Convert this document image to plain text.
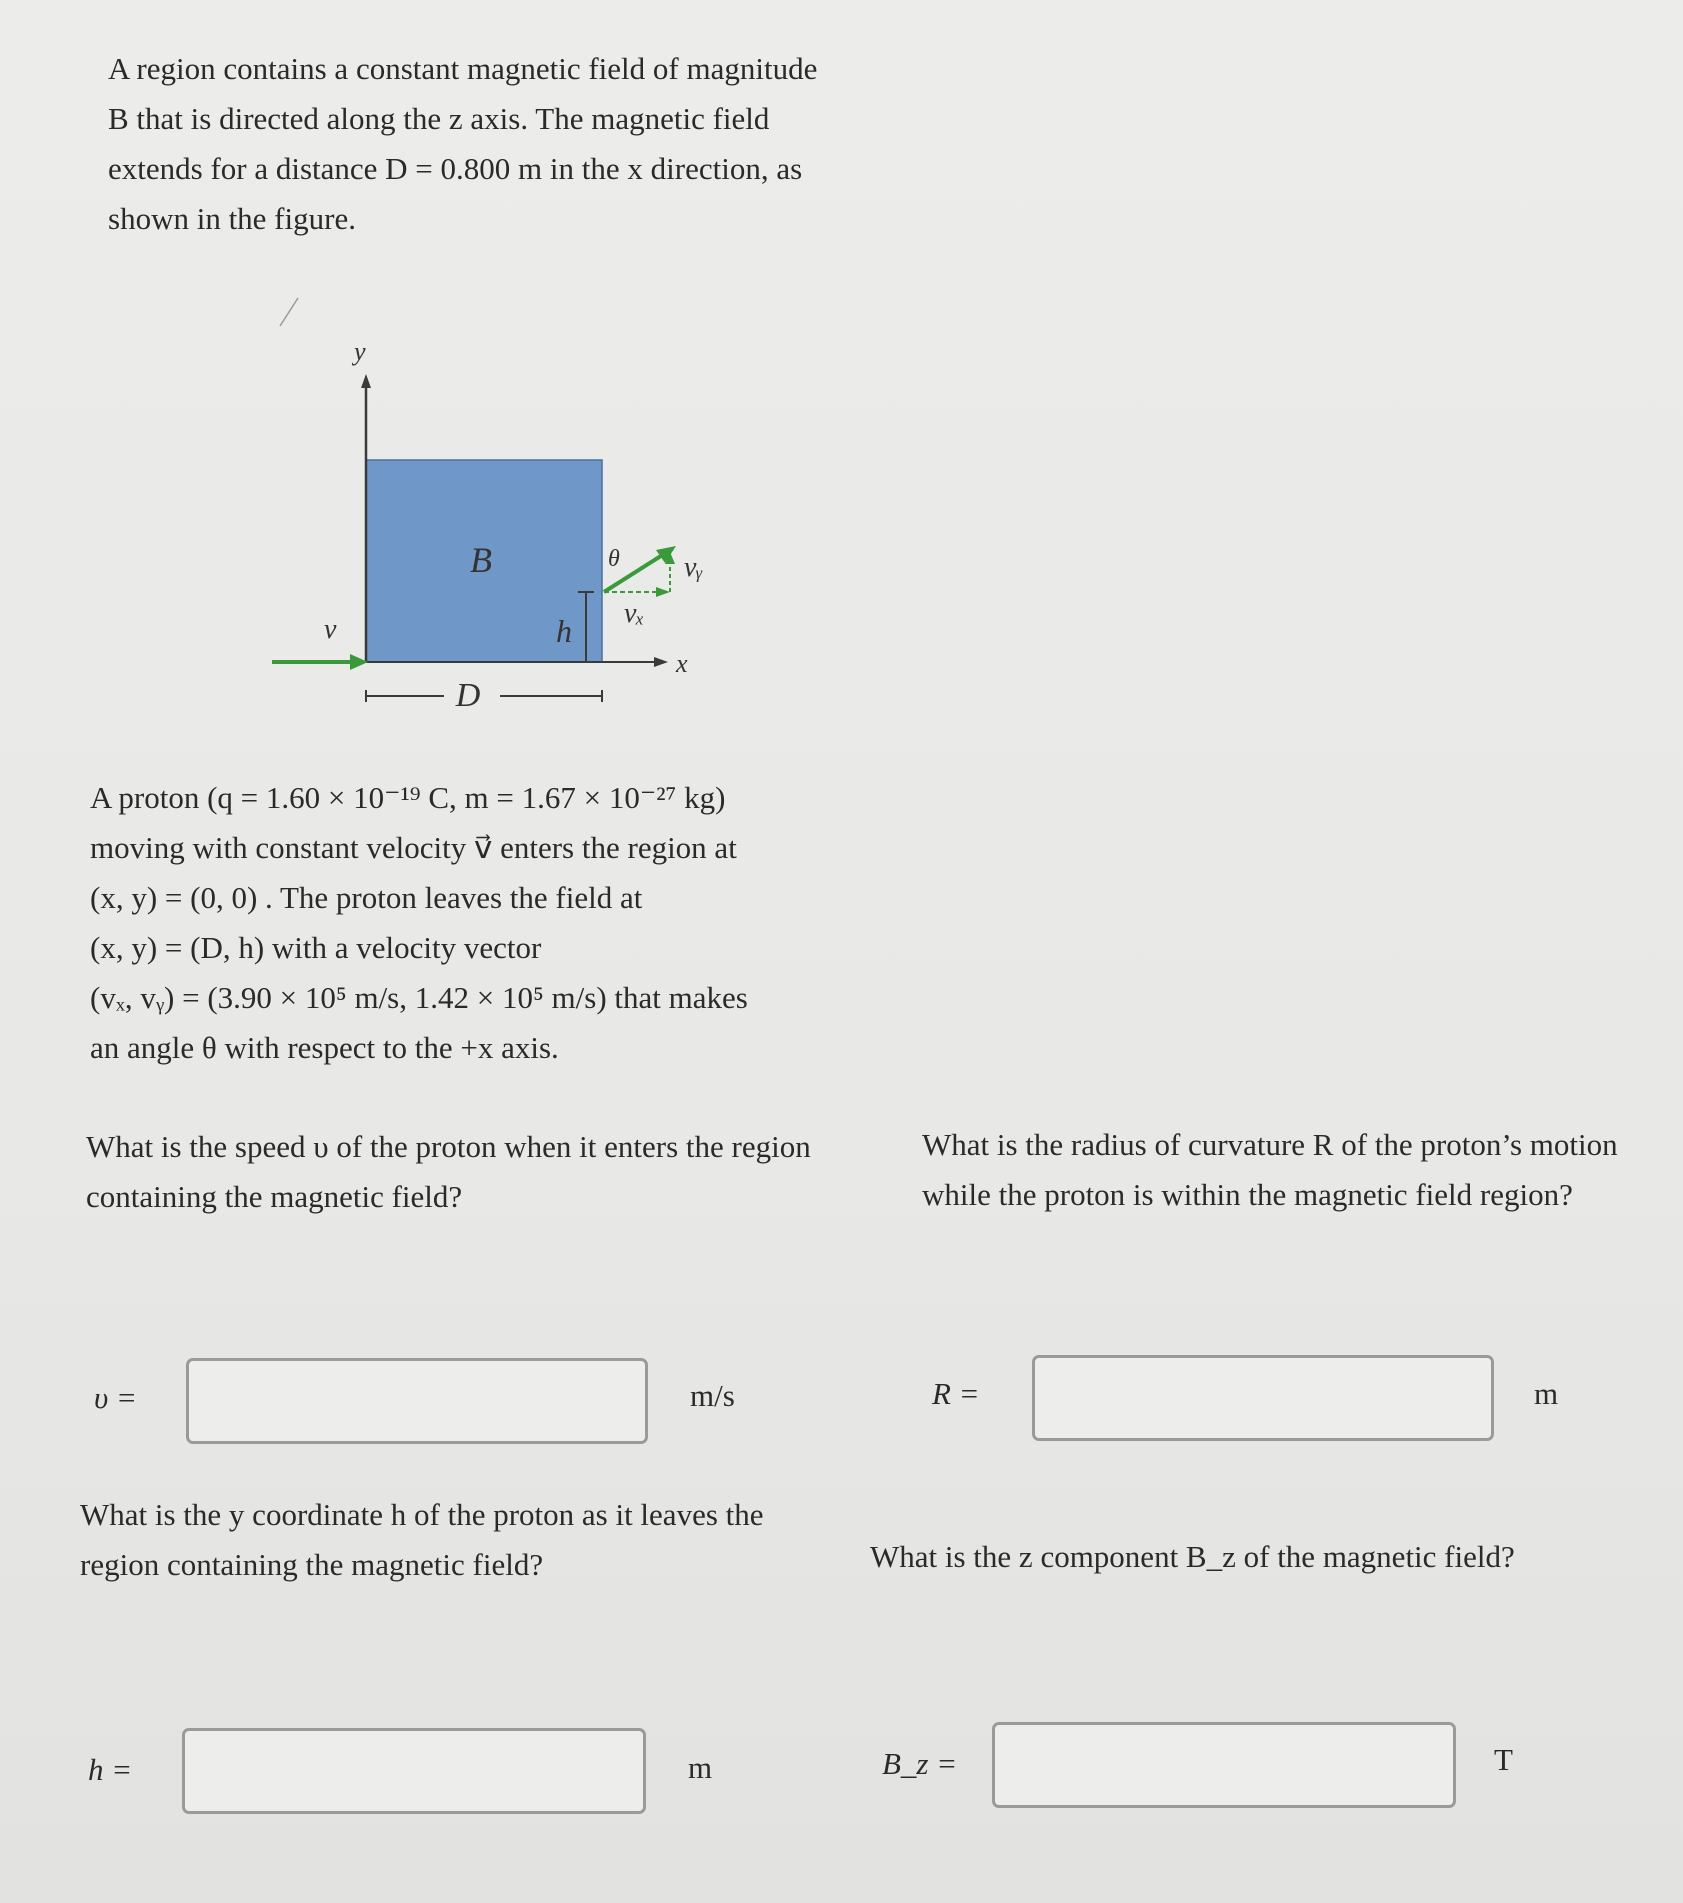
A region contains a constant magnetic field of magnitude
B that is directed along the z axis. The magnetic field
extends for a distance D = 0.800 m in the x direction, as
shown in the figure.
y
x
v⃗
B
h
θ vᵧ
vₓ
D
A proton (q = 1.60 × 10⁻¹⁹ C, m = 1.67 × 10⁻²⁷ kg)
moving with constant velocity v⃗ enters the region at
(x, y) = (0, 0) . The proton leaves the field at
(x, y) = (D, h) with a velocity vector
(vₓ, vᵧ) = (3.90 × 10⁵ m/s, 1.42 × 10⁵ m/s) that makes
an angle θ with respect to the +x axis.
What is the speed υ of the proton when it enters the region
containing the magnetic field?
υ =	m/s
What is the radius of curvature R of the proton’s motion
while the proton is within the magnetic field region?
R =	m
What is the y coordinate h of the proton as it leaves the
region containing the magnetic field?
h =	m
What is the z component B_z of the magnetic field?
B_z =	T
